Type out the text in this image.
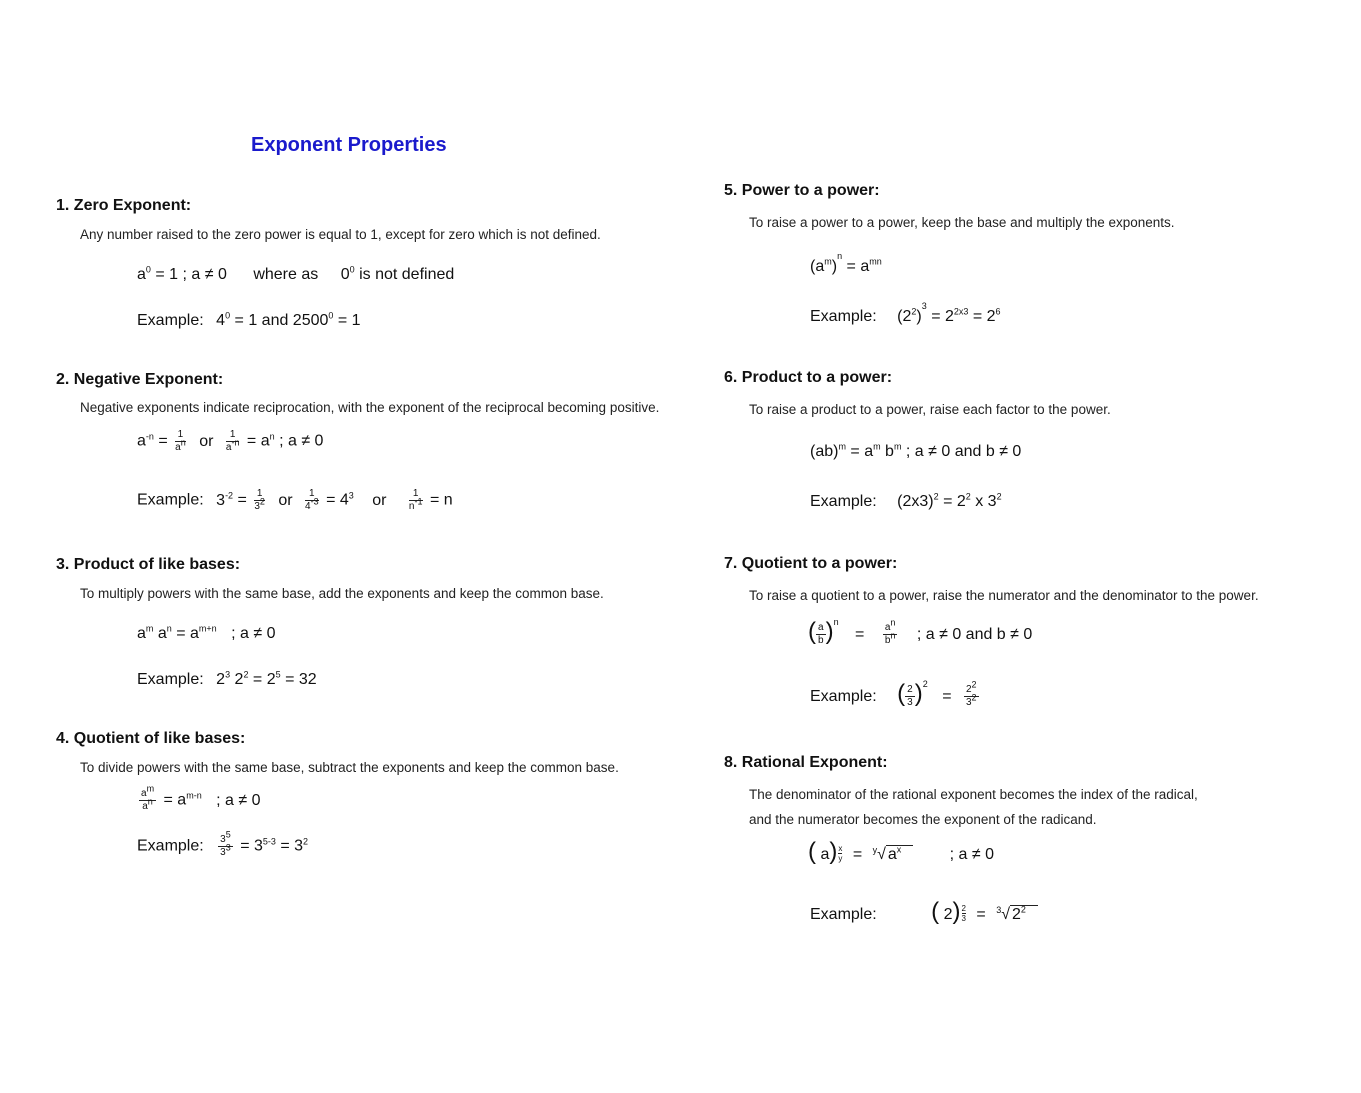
Exponent Properties
1. Zero Exponent:
Any number raised to the zero power is equal to 1, except for zero which is not defined.
$a^0 = 1$ ; a ≠ 0 where as $0^0$ is not defined
Example: $4^0 = 1$ and $2500^0 = 1$
2. Negative Exponent:
Negative exponents indicate reciprocation, with the exponent of the reciprocal becoming positive.
$a^{-n} = \frac{1}{an}$ or $\frac{1}{a-n} = a^n$ ; a ≠ 0
Example: $3^{-2} = \frac{1}{32}$ or $\frac{1}{4-3} = 4^3$ or $\frac{1}{n-1} = n$
3. Product of like bases:
To multiply powers with the same base, add the exponents and keep the common base.
$a^m$ $a^n = a^{m+n}$ ; a ≠ 0
Example: $2^3$ $2^2 = 2^5 = 32$
4. Quotient of like bases:
To divide powers with the same base, subtract the exponents and keep the common base.
$\frac{am}{an} = a^{m-n}$ ; a ≠ 0
Example: $\frac{35}{33} = 3^{5-3} = 3^2$
5. Power to a power:
To raise a power to a power, keep the base and multiply the exponents.
$(a^m)^n = a^{mn}$
Example: $(2^2)^3 = 2^{2x3} = 2^6$
6. Product to a power:
To raise a product to a power, raise each factor to the power.
$(ab)^m = a^m$ $b^m$ ; a ≠ 0 and b ≠ 0
Example: $(2x3)^2 = 2^2$ x $3^2$
7. Quotient to a power:
To raise a quotient to a power, raise the numerator and the denominator to the power.
( $\frac{a}{b} )^n = \frac{an}{bn}$ ; a ≠ 0 and b ≠ 0
Example: ( $\frac{2}{3} )^2 = \frac{22}{32}$
8. Rational Exponent:
The denominator of the rational exponent becomes the index of the radical,
and the numerator becomes the exponent of the radicand.
( $a) \frac{x}{y} = ^y√$ $a^x$	; a ≠ 0
Example: ( $2) \frac{2}{3} = ^3√$ $2^2$
